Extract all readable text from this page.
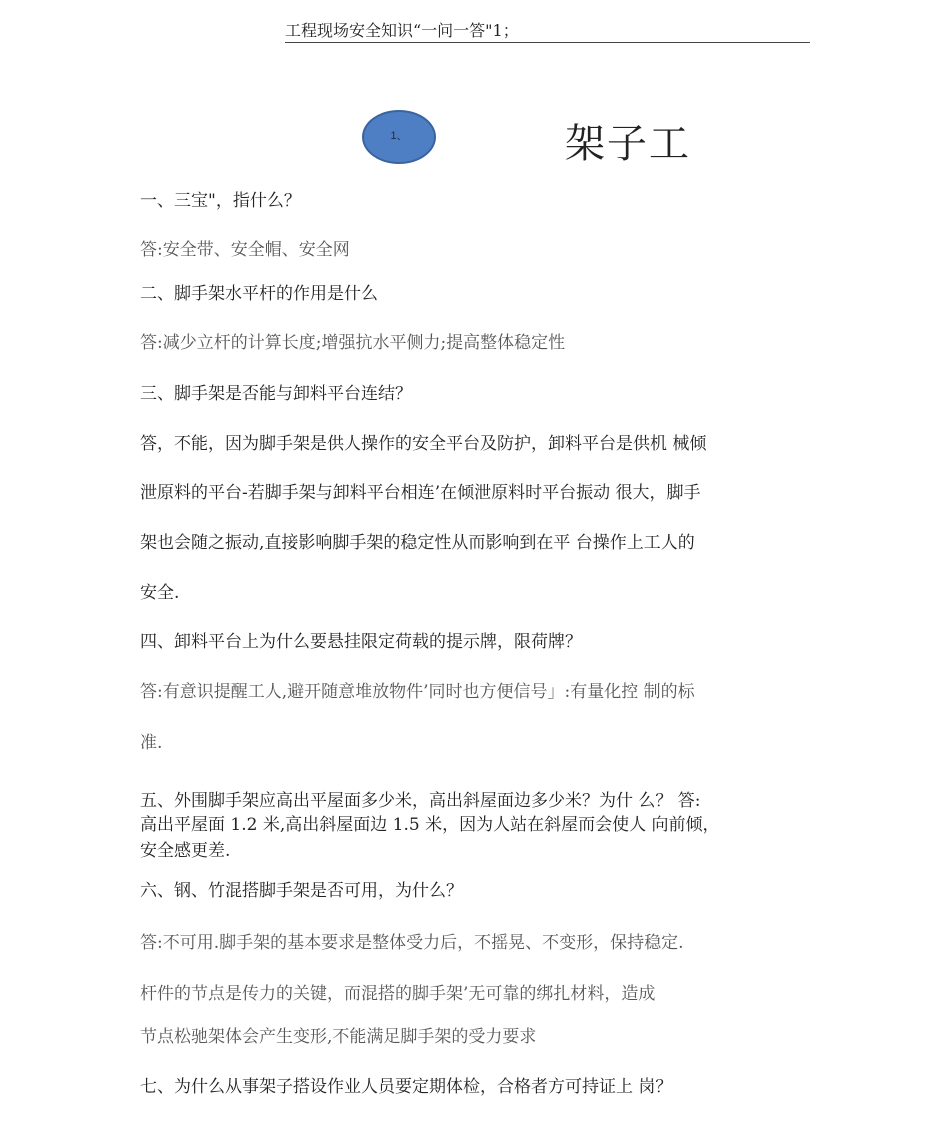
工程现场安全知识“一问一答"1；
1、	架子工
一、三宝"，指什么？
答:安全带、安全帽、安全网
二、脚手架水平杆的作用是什么
答:减少立杆的计算长度;增强抗水平侧力;提高整体稳定性
三、脚手架是否能与卸料平台连结？
答，不能，因为脚手架是供人操作的安全平台及防护，卸料平台是供机 械倾
泄原料的平台-若脚手架与卸料平台相连’在倾泄原料时平台振动 很大，脚手
架也会随之振动,直接影响脚手架的稳定性从而影响到在平 台操作上工人的
安全.
四、卸料平台上为什么要悬挂限定荷载的提示牌，限荷牌？
答:有意识提醒工人,避开随意堆放物件’同时也方便信号」:有量化控 制的标
准.
五、外围脚手架应高出平屋面多少米，高出斜屋面边多少米？为什 么？ 答:
高出平屋面 1.2 米,高出斜屋面边 1.5 米，因为人站在斜屋而会使人 向前倾，
安全感更差.
六、钢、竹混搭脚手架是否可用，为什么？
答:不可用.脚手架的基本要求是整体受力后，不摇晃、不变形，保持稳定.
杆件的节点是传力的关键，而混搭的脚手架’无可靠的绑扎材料，造成
节点松驰架体会产生变形,不能满足脚手架的受力要求
七、为什么从事架子搭设作业人员要定期体检，合格者方可持证上 岗？
